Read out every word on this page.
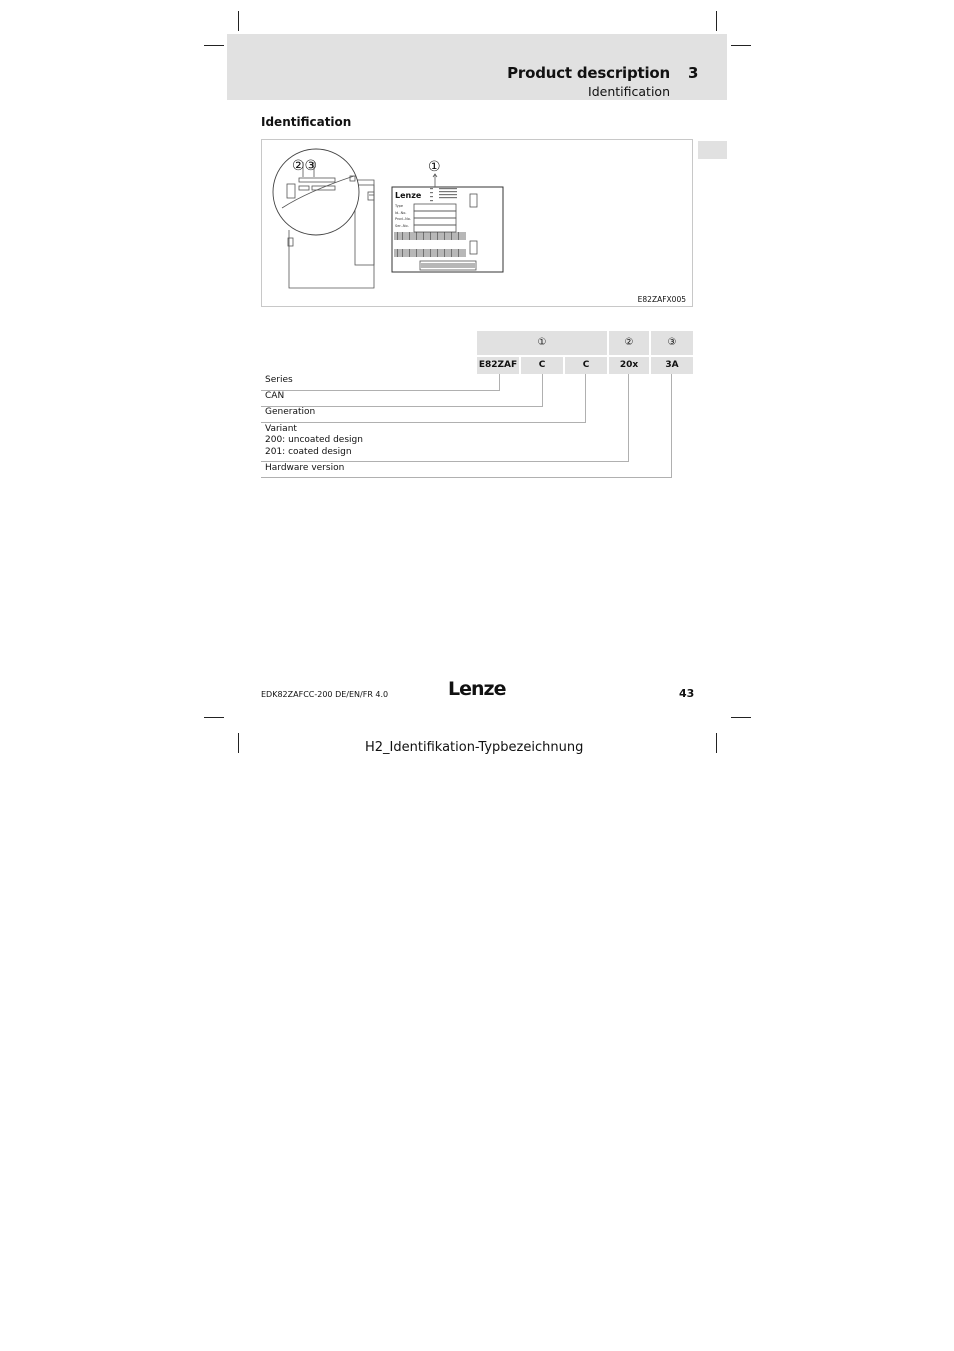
Product description 3
Identification
Identification
①
②③
Lenze
Type
Id.-No.
Prod.-No.
Ser.-No.
E82ZAFX005
①	②	③
E82ZAF	C	C	20x	3A
Series
CAN
Generation
Variant
200: uncoated design
201: coated design
Hardware version
EDK82ZAFCC-200 DE/EN/FR 4.0	Lenze	43
H2_Identifikation-Typbezeichnung
